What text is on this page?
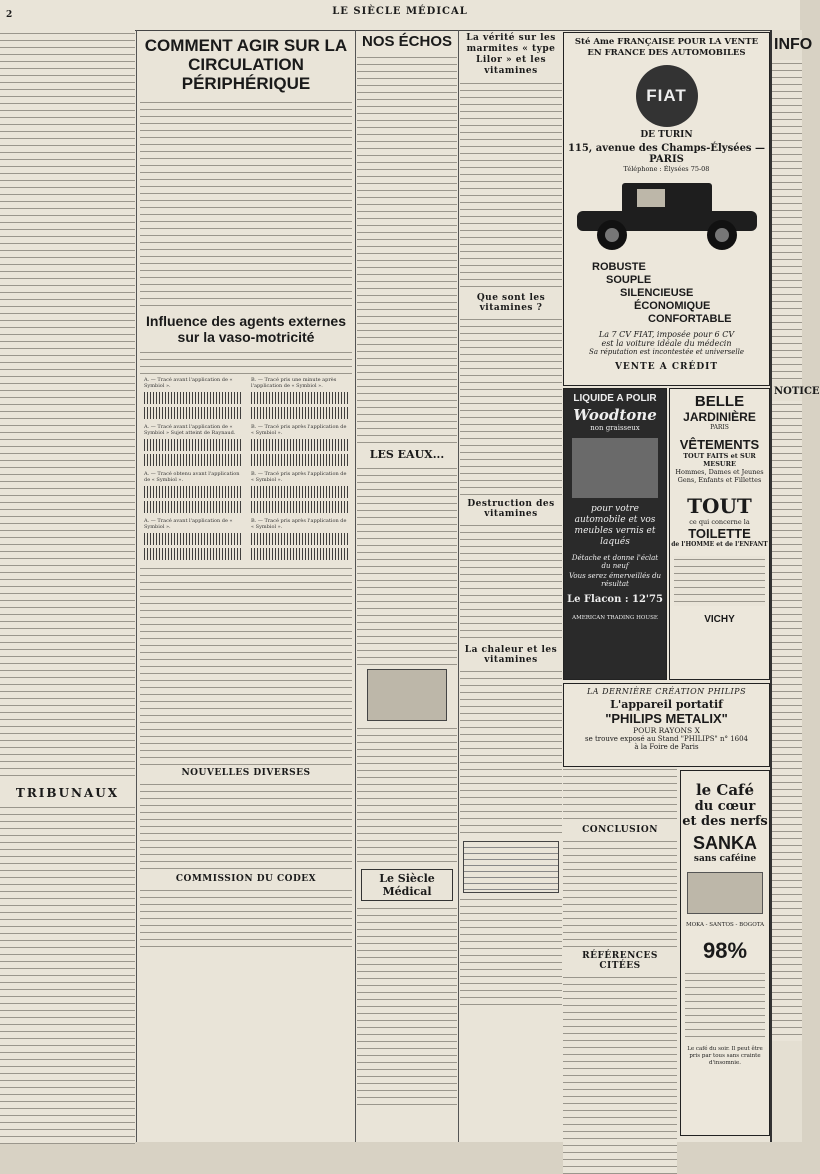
2	LE SIÈCLE MÉDICAL
TRIBUNAUX
COMMENT AGIR SUR LA CIRCULATION PÉRIPHÉRIQUE
Influence des agents externes sur la vaso-motricité
A. — Tracé avant l'application de « Symbiol ».
B. — Tracé pris une minute après l'application de « Symbiol ».
A. — Tracé avant l'application de « Symbiol » Sujet atteint de Raynaud.
B. — Tracé pris après l'application de « Symbiol ».
A. — Tracé obtenu avant l'application de « Symbiol ».
B. — Tracé pris après l'application de « Symbiol ».
A. — Tracé avant l'application de « Symbiol ».
B. — Tracé pris après l'application de « Symbiol ».
NOUVELLES DIVERSES
COMMISSION DU CODEX
NOS ÉCHOS
LES EAUX...
Le Siècle Médical
La vérité sur les marmites « type Lilor » et les vitamines
Que sont les vitamines ?
Destruction des vitamines
La chaleur et les vitamines
CONCLUSION
RÉFÉRENCES CITÉES
Sté Ame FRANÇAISE POUR LA VENTE EN FRANCE DES AUTOMOBILES
FIAT
DE TURIN
115, avenue des Champs-Élysées — PARIS
Téléphone : Élysées 75-08
ROBUSTE
SOUPLE
SILENCIEUSE
ÉCONOMIQUE
CONFORTABLE
La 7 CV FIAT, imposée pour 6 CV
est la voiture idéale du médecin
Sa réputation est incontestée et universelle
VENTE A CRÉDIT
LIQUIDE A POLIR
Woodtone
non graisseux
pour votre automobile et vos meubles vernis et laqués
Détache et donne l'éclat du neuf
Vous serez émerveillés du résultat
Le Flacon : 12'75
AMERICAN TRADING HOUSE
BELLE
JARDINIÈRE
PARIS
VÊTEMENTS
TOUT FAITS et SUR MESURE
Hommes, Dames et Jeunes Gens, Enfants et Fillettes
TOUT
ce qui concerne la
TOILETTE
de l'HOMME et de l'ENFANT
VICHY
LA DERNIÈRE CRÉATION PHILIPS
L'appareil portatif
"PHILIPS METALIX"
POUR RAYONS X
se trouve exposé au Stand "PHILIPS" n° 1604
à la Foire de Paris
le Café
du cœur
et des nerfs
SANKA
sans caféine
MOKA - SANTOS - BOGOTA
98%
Le café du soir. Il peut être pris par tous sans crainte d'insomnie.
INFO
NOTICE
